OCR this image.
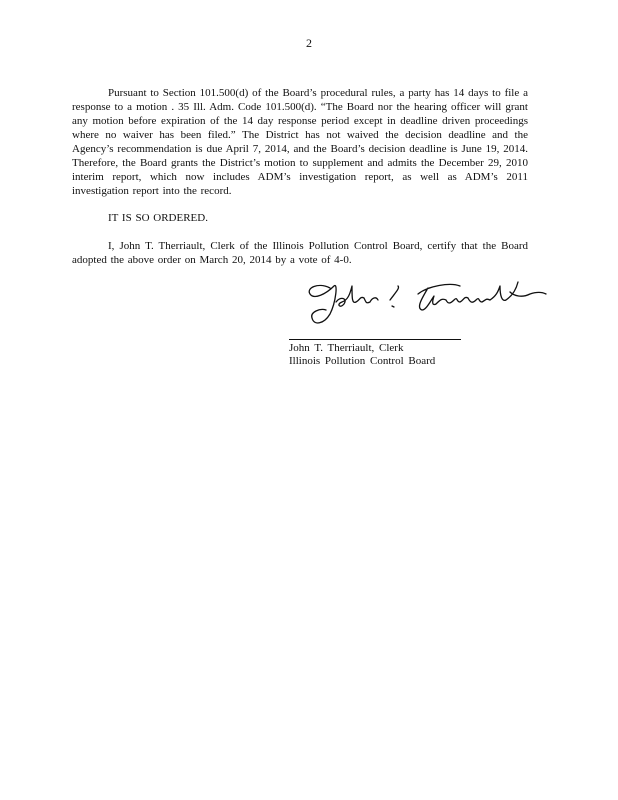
2

Pursuant to Section 101.500(d) of the Board’s procedural rules, a party has 14 days to file a response to a motion . 35 Ill. Adm. Code 101.500(d). “The Board nor the hearing officer will grant any motion before expiration of the 14 day response period except in deadline driven proceedings where no waiver has been filed.” The District has not waived the decision deadline and the Agency’s recommendation is due April 7, 2014, and the Board’s decision deadline is June 19, 2014. Therefore, the Board grants the District’s motion to supplement and admits the December 29, 2010 interim report, which now includes ADM’s investigation report, as well as ADM’s 2011 investigation report into the record.

IT IS SO ORDERED.

I, John T. Therriault, Clerk of the Illinois Pollution Control Board, certify that the Board adopted the above order on March 20, 2014 by a vote of 4-0.

John T. Therriault, Clerk
Illinois Pollution Control Board
